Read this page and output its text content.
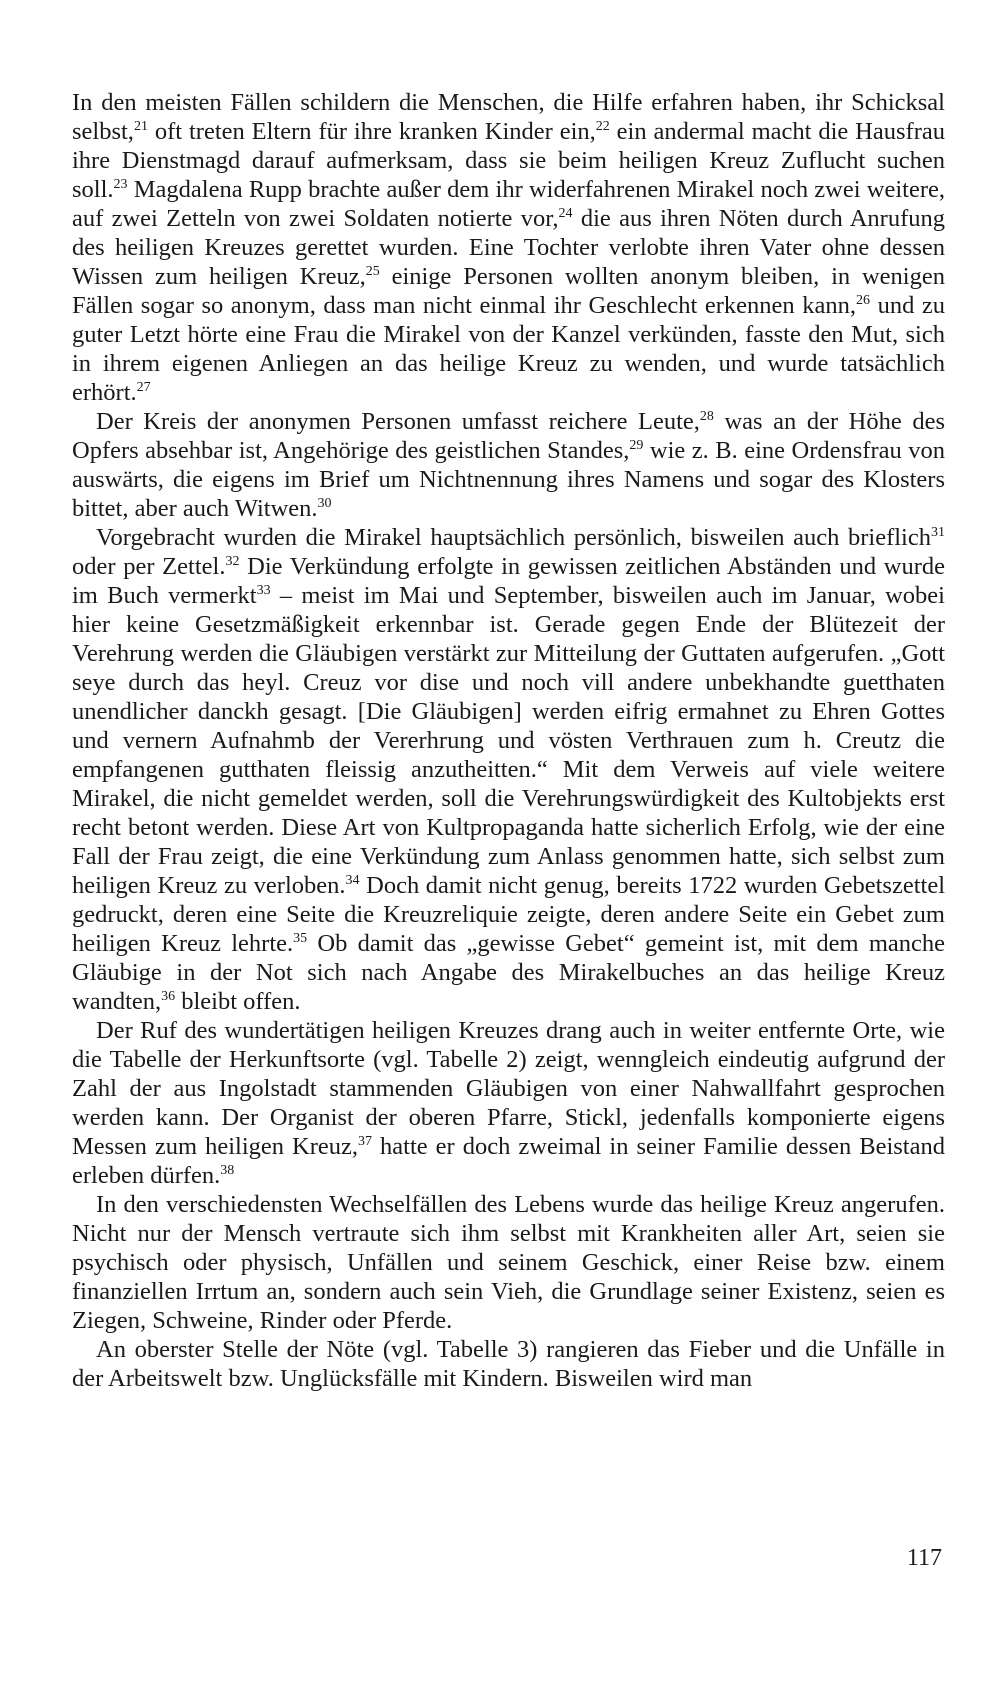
In den meisten Fällen schildern die Menschen, die Hilfe erfahren haben, ihr Schicksal selbst,$^{21}$ oft treten Eltern für ihre kranken Kinder ein,$^{22}$ ein andermal macht die Hausfrau ihre Dienstmagd darauf aufmerksam, dass sie beim heiligen Kreuz Zuflucht suchen soll.$^{23}$ Magdalena Rupp brachte außer dem ihr widerfahrenen Mirakel noch zwei weitere, auf zwei Zetteln von zwei Soldaten notierte vor,$^{24}$ die aus ihren Nöten durch Anrufung des heiligen Kreuzes gerettet wurden. Eine Tochter verlobte ihren Vater ohne dessen Wissen zum heiligen Kreuz,$^{25}$ einige Personen wollten anonym bleiben, in wenigen Fällen sogar so anonym, dass man nicht einmal ihr Geschlecht erkennen kann,$^{26}$ und zu guter Letzt hörte eine Frau die Mirakel von der Kanzel verkünden, fasste den Mut, sich in ihrem eigenen Anliegen an das heilige Kreuz zu wenden, und wurde tatsächlich erhört.$^{27}$

Der Kreis der anonymen Personen umfasst reichere Leute,$^{28}$ was an der Höhe des Opfers absehbar ist, Angehörige des geistlichen Standes,$^{29}$ wie z. B. eine Ordensfrau von auswärts, die eigens im Brief um Nichtnennung ihres Namens und sogar des Klosters bittet, aber auch Witwen.$^{30}$

Vorgebracht wurden die Mirakel hauptsächlich persönlich, bisweilen auch brieflich$^{31}$ oder per Zettel.$^{32}$ Die Verkündung erfolgte in gewissen zeitlichen Abständen und wurde im Buch vermerkt$^{33}$ – meist im Mai und September, bisweilen auch im Januar, wobei hier keine Gesetzmäßigkeit erkennbar ist. Gerade gegen Ende der Blütezeit der Verehrung werden die Gläubigen verstärkt zur Mitteilung der Guttaten aufgerufen. „Gott seye durch das heyl. Creuz vor dise und noch vill andere unbekhandte guetthaten unendlicher danckh gesagt. [Die Gläubigen] werden eifrig ermahnet zu Ehren Gottes und vernern Aufnahmb der Vererhrung und vösten Verthrauen zum h. Creutz die empfangenen gutthaten fleissig anzutheitten.“ Mit dem Verweis auf viele weitere Mirakel, die nicht gemeldet werden, soll die Verehrungswürdigkeit des Kultobjekts erst recht betont werden. Diese Art von Kultpropaganda hatte sicherlich Erfolg, wie der eine Fall der Frau zeigt, die eine Verkündung zum Anlass genommen hatte, sich selbst zum heiligen Kreuz zu verloben.$^{34}$ Doch damit nicht genug, bereits 1722 wurden Gebetszettel gedruckt, deren eine Seite die Kreuzreliquie zeigte, deren andere Seite ein Gebet zum heiligen Kreuz lehrte.$^{35}$ Ob damit das „gewisse Gebet“ gemeint ist, mit dem manche Gläubige in der Not sich nach Angabe des Mirakelbuches an das heilige Kreuz wandten,$^{36}$ bleibt offen.

Der Ruf des wundertätigen heiligen Kreuzes drang auch in weiter entfernte Orte, wie die Tabelle der Herkunftsorte (vgl. Tabelle 2) zeigt, wenngleich eindeutig aufgrund der Zahl der aus Ingolstadt stammenden Gläubigen von einer Nahwallfahrt gesprochen werden kann. Der Organist der oberen Pfarre, Stickl, jedenfalls komponierte eigens Messen zum heiligen Kreuz,$^{37}$ hatte er doch zweimal in seiner Familie dessen Beistand erleben dürfen.$^{38}$

In den verschiedensten Wechselfällen des Lebens wurde das heilige Kreuz angerufen. Nicht nur der Mensch vertraute sich ihm selbst mit Krankheiten aller Art, seien sie psychisch oder physisch, Unfällen und seinem Geschick, einer Reise bzw. einem finanziellen Irrtum an, sondern auch sein Vieh, die Grundlage seiner Existenz, seien es Ziegen, Schweine, Rinder oder Pferde.

An oberster Stelle der Nöte (vgl. Tabelle 3) rangieren das Fieber und die Unfälle in der Arbeitswelt bzw. Unglücksfälle mit Kindern. Bisweilen wird man

117
